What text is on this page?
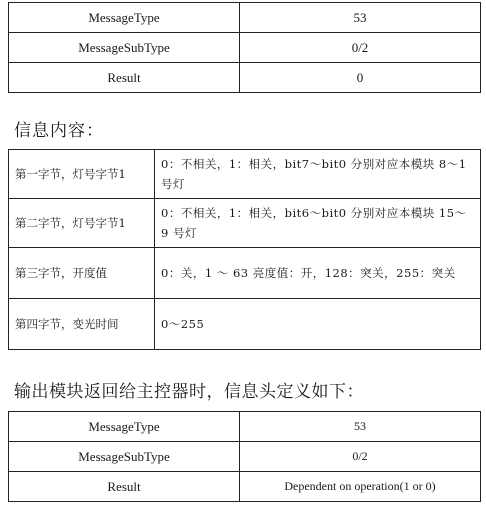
MessageType	53
MessageSubType	0/2
Result	0
信息内容：
第一字节，灯号字节1	0：不相关，1：相关，bit7～bit0 分别对应本模块 8～1 号灯
第二字节，灯号字节1	0：不相关，1：相关，bit6～bit0 分别对应本模块 15～9 号灯
第三字节，开度值	0：关，1 ～ 63 亮度值：开，128：突关，255：突关
第四字节，变光时间	0～255
输出模块返回给主控器时，信息头定义如下：
MessageType	53
MessageSubType	0/2
Result	Dependent on operation(1 or 0)
